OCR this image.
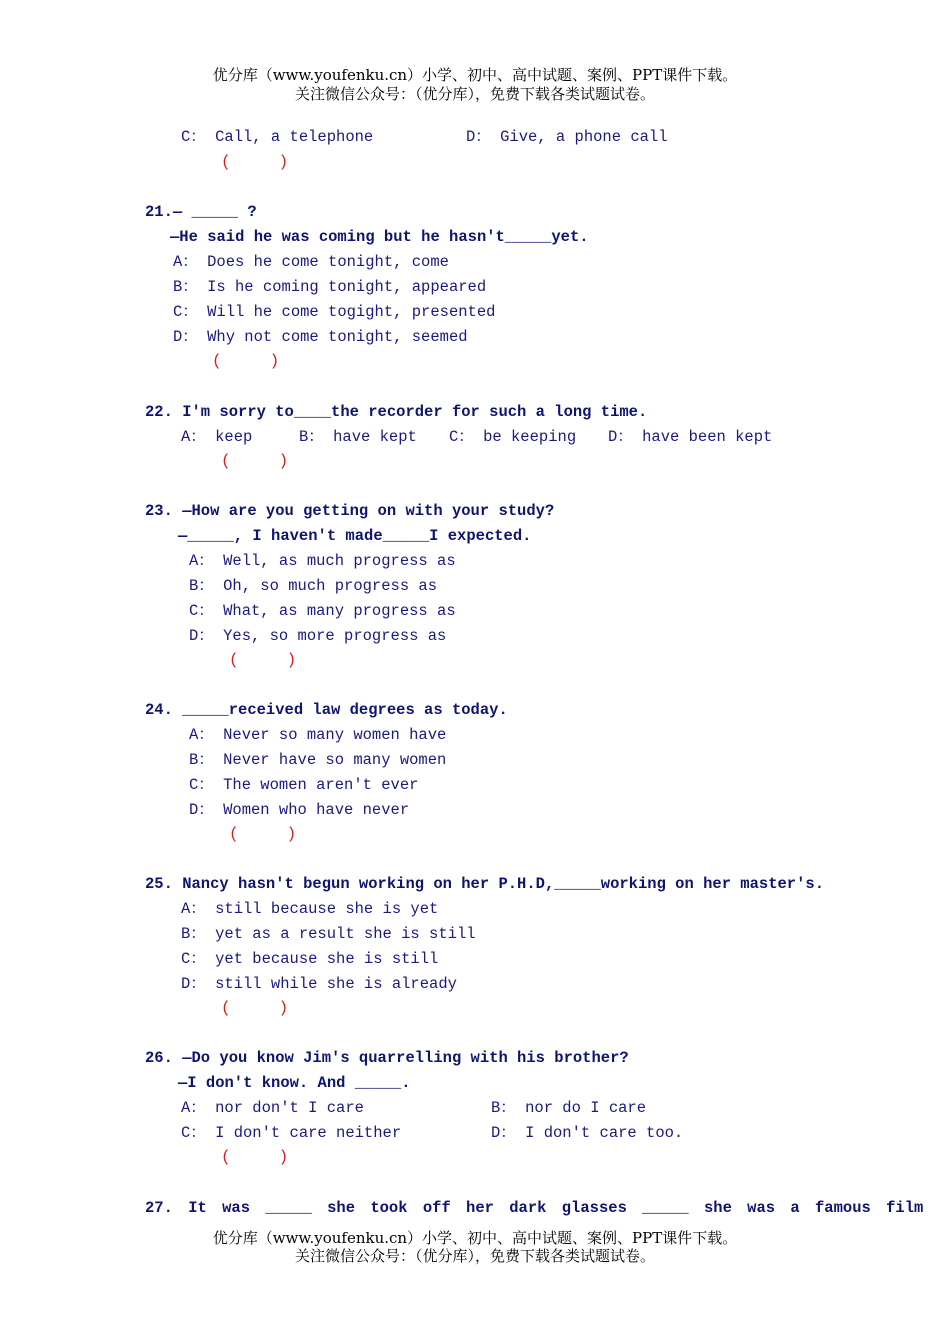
优分库（www.youfenku.cn）小学、初中、高中试题、案例、PPT课件下载。
关注微信公众号：（优分库），免费下载各类试题试卷。
C： Call, a telephone	D： Give, a phone call
(     )
21.— _____ ?
—He said he was coming but he hasn't_____yet.
A： Does he come tonight, come
B： Is he coming tonight, appeared
C： Will he come togight, presented
D： Why not come tonight, seemed
(     )
22. I'm sorry to____the recorder for such a long time.
A： keep	B： have kept C： be keeping D： have been kept
(     )
23. —How are you getting on with your study?
—_____, I haven't made_____I expected.
A： Well, as much progress as
B： Oh, so much progress as
C： What, as many progress as
D： Yes, so more progress as
(     )
24. _____received law degrees as today.
A： Never so many women have
B： Never have so many women
C： The women aren't ever
D： Women who have never
(     )
25. Nancy hasn't begun working on her P.H.D,_____working on her master's.
A： still because she is yet
B： yet as a result she is still
C： yet because she is still
D： still while she is already
(     )
26. —Do you know Jim's quarrelling with his brother?
—I don't know. And _____.
A： nor don't I care	B： nor do I care
C： I don't care neither	D： I don't care too.
(     )
27. It was _____ she took off her dark glasses _____ she was a famous film
优分库（www.youfenku.cn）小学、初中、高中试题、案例、PPT课件下载。
关注微信公众号：（优分库），免费下载各类试题试卷。
